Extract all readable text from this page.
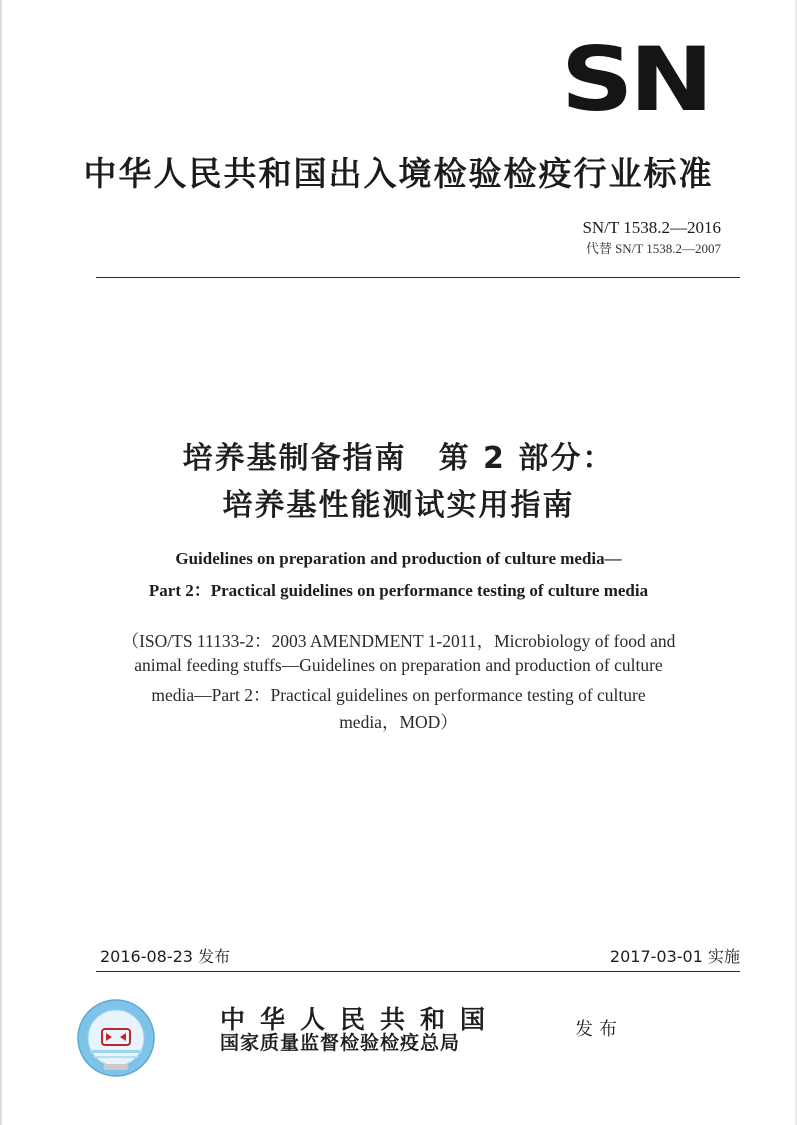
SN
中华人民共和国出入境检验检疫行业标准
SN/T 1538.2—2016
代替 SN/T 1538.2—2007
培养基制备指南　第 2 部分：
培养基性能测试实用指南
Guidelines on preparation and production of culture media—
Part 2：Practical guidelines on performance testing of culture media
（ISO/TS 11133-2：2003 AMENDMENT 1-2011，Microbiology of food and
animal feeding stuffs—Guidelines on preparation and production of culture
media—Part 2：Practical guidelines on performance testing of culture
media，MOD）
2016-08-23 发布	2017-03-01 实施
中华人民共和国
国家质量监督检验检疫总局
发布
